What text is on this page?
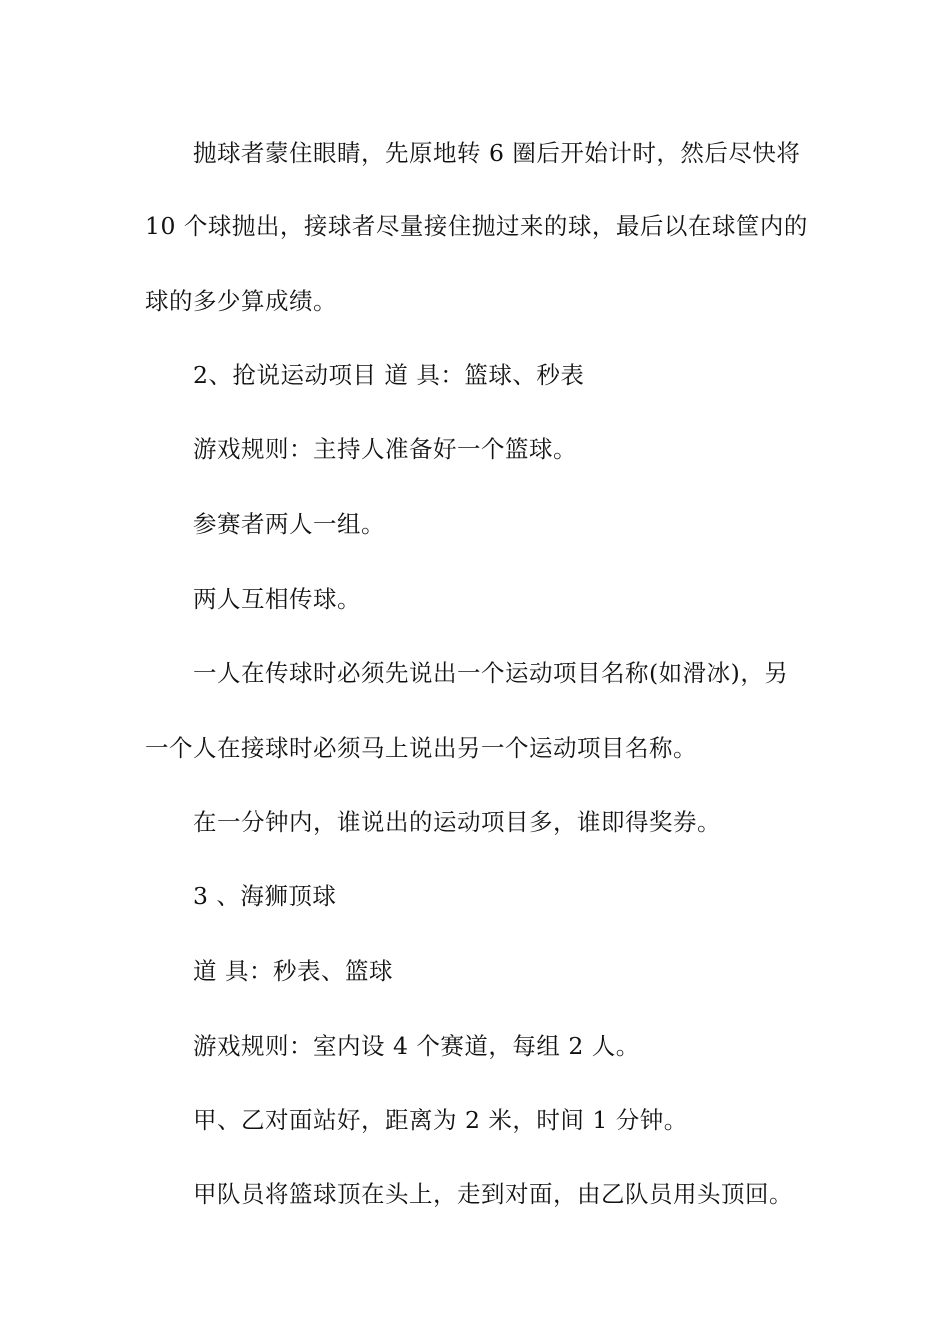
抛球者蒙住眼睛，先原地转 6 圈后开始计时，然后尽快将
10 个球抛出，接球者尽量接住抛过来的球，最后以在球筐内的
球的多少算成绩。
2、抢说运动项目 道 具：篮球、秒表
游戏规则：主持人准备好一个篮球。
参赛者两人一组。
两人互相传球。
一人在传球时必须先说出一个运动项目名称(如滑冰)，另
一个人在接球时必须马上说出另一个运动项目名称。
在一分钟内，谁说出的运动项目多，谁即得奖券。
3 、海狮顶球
道 具：秒表、篮球
游戏规则：室内设 4 个赛道，每组 2 人。
甲、乙对面站好，距离为 2 米，时间 1 分钟。
甲队员将篮球顶在头上，走到对面，由乙队员用头顶回。
